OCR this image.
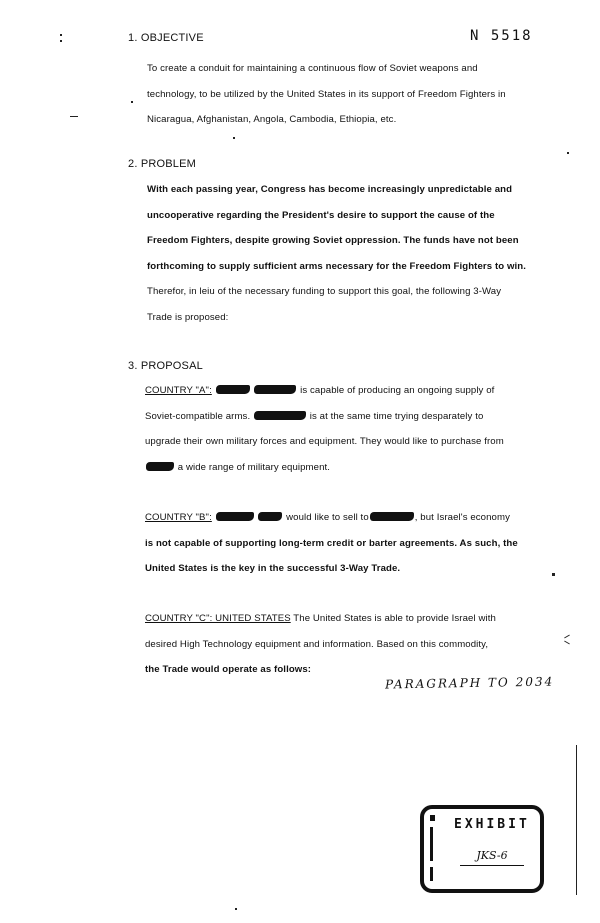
N 5518
1. OBJECTIVE
To create a conduit for maintaining a continuous flow of Soviet weapons and
technology, to be utilized by the United States in its support of Freedom Fighters in
Nicaragua, Afghanistan, Angola, Cambodia, Ethiopia, etc.
2. PROBLEM
With each passing year, Congress has become increasingly unpredictable and
uncooperative regarding the President's desire to support the cause of the
Freedom Fighters, despite growing Soviet oppression. The funds have not been
forthcoming to supply sufficient arms necessary for the Freedom Fighters to win.
Therefor, in leiu of the necessary funding to support this goal, the following 3-Way
Trade is proposed:
3. PROPOSAL
COUNTRY "A":	is capable of producing an ongoing supply of
Soviet-compatible arms.	is at the same time trying desparately to
upgrade their own military forces and equipment. They would like to purchase from
a wide range of military equipment.
COUNTRY "B":	would like to sell to	, but Israel's economy
is not capable of supporting long-term credit or barter agreements. As such, the
United States is the key in the successful 3-Way Trade.
COUNTRY "C": UNITED STATES The United States is able to provide Israel with
desired High Technology equipment and information. Based on this commodity,
the Trade would operate as follows:
PARAGRAPH TO 2034
EXHIBIT
JKS-6
